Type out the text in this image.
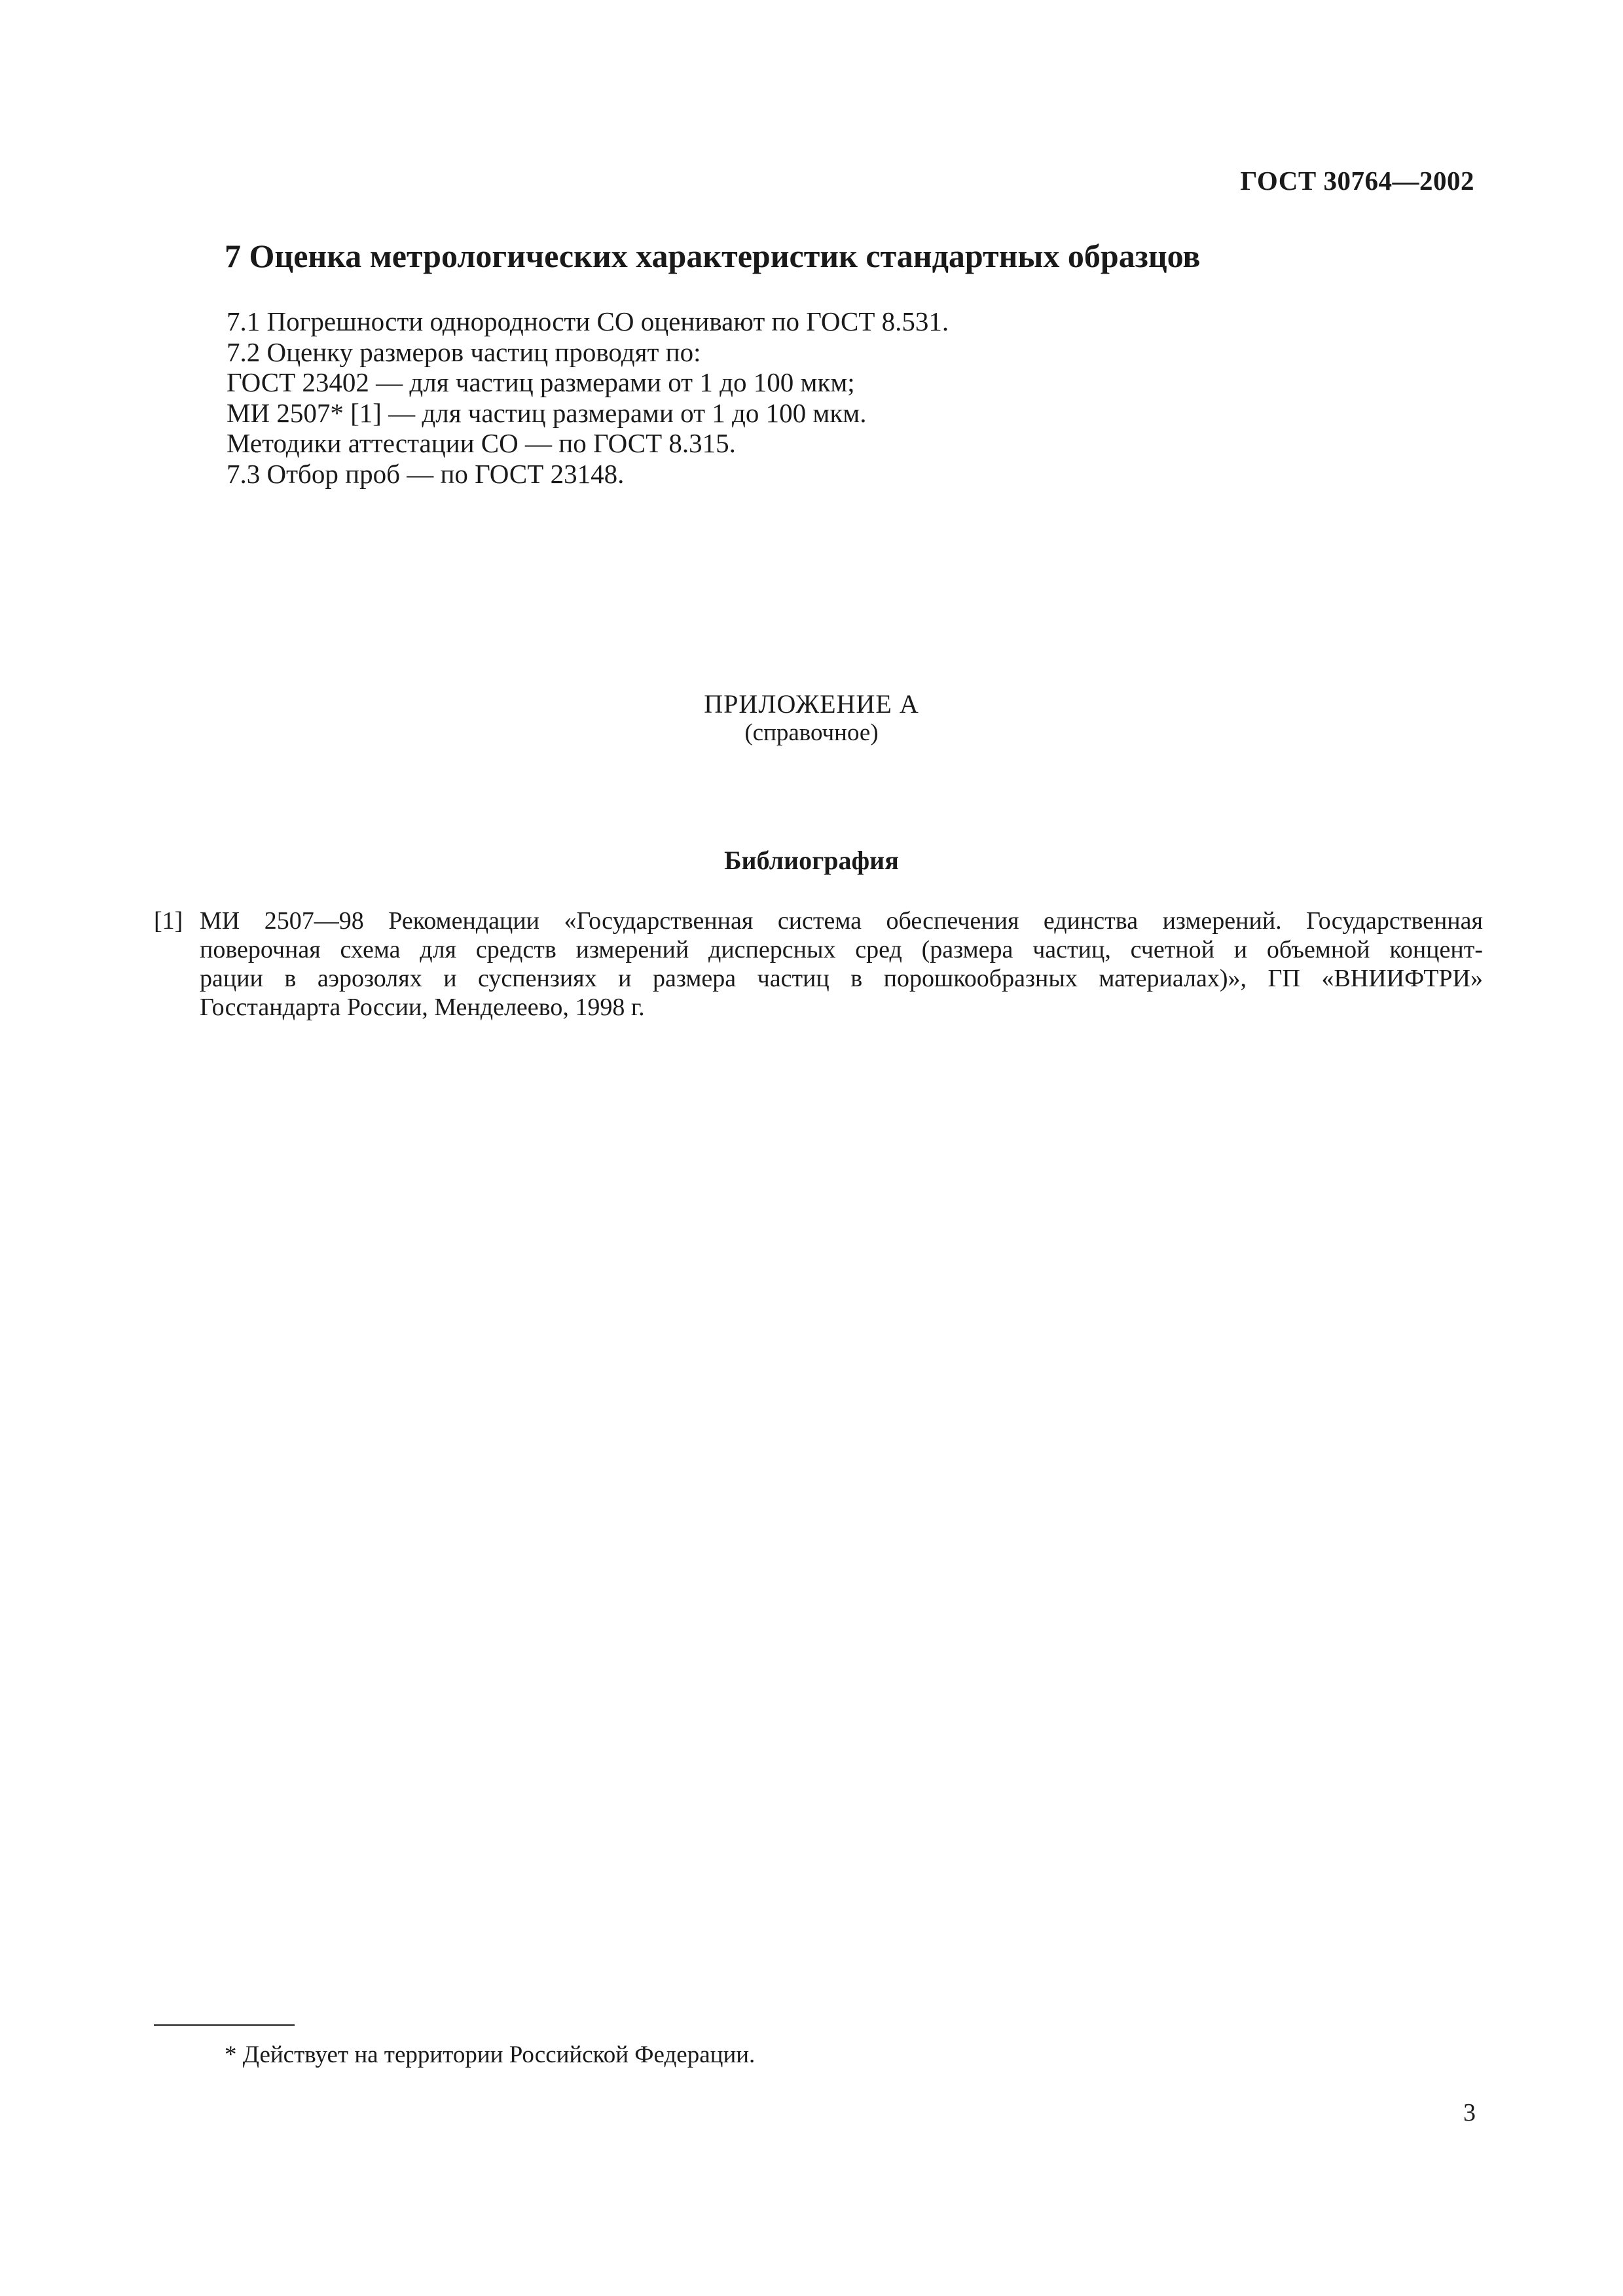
ГОСТ 30764—2002
7 Оценка метрологических характеристик стандартных образцов

7.1 Погрешности однородности СО оценивают по ГОСТ 8.531.

7.2 Оценку размеров частиц проводят по:

ГОСТ 23402 — для частиц размерами от 1 до 100 мкм;

МИ 2507* [1] — для частиц размерами от 1 до 100 мкм.

Методики аттестации СО — по ГОСТ 8.315.

7.3 Отбор проб — по ГОСТ 23148.

ПРИЛОЖЕНИЕ А
(справочное)
Библиография
[1] МИ 2507—98 Рекомендации «Государственная система обеспечения единства измерений. Государственная
поверочная схема для средств измерений дисперсных сред (размера частиц, счетной и объемной концент-
рации в аэрозолях и суспензиях и размера частиц в порошкообразных материалах)», ГП «ВНИИФТРИ»
Госстандарта России, Менделеево, 1998 г.
* Действует на территории Российской Федерации.
3
